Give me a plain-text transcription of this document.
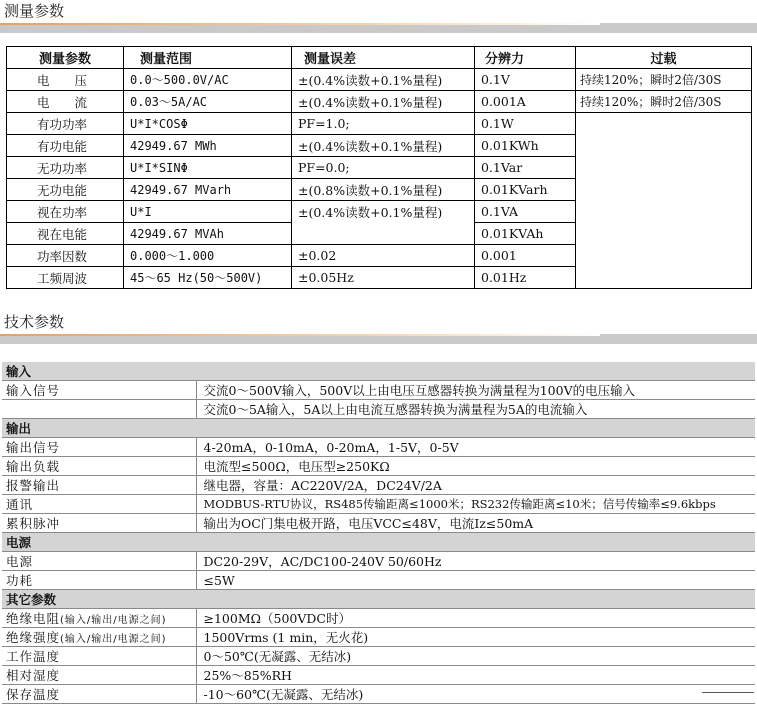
测量参数
测量参数	测量范围	测量误差	分辨力	过载
电　　压	0.0～500.0V/AC	±(0.4%读数+0.1%量程)	0.1V	持续120%；瞬时2倍/30S
电　　流	0.03～5A/AC	±(0.4%读数+0.1%量程)	0.001A	持续120%；瞬时2倍/30S
有功功率	U*I*COSΦ	PF=1.0;	0.1W	
有功电能	42949.67 MWh	±(0.4%读数+0.1%量程)	0.01KWh	
无功功率	U*I*SINΦ	PF=0.0;	0.1Var	
无功电能	42949.67 MVarh	±(0.8%读数+0.1%量程)	0.01KVarh	
视在功率	U*I	±(0.4%读数+0.1%量程)	0.1VA	
视在电能	42949.67 MVAh		0.01KVAh	
功率因数	0.000～1.000	±0.02	0.001	
工频周波	45～65 Hz(50～500V)	±0.05Hz	0.01Hz	
技术参数
输入	
输入信号	交流0～500V输入，500V以上由电压互感器转换为满量程为100V的电压输入
	交流0～5A输入，5A以上由电流互感器转换为满量程为5A的电流输入
输出	
输出信号	4-20mA，0-10mA，0-20mA，1-5V，0-5V
输出负载	电流型≤500Ω，电压型≥250KΩ
报警输出	继电器，容量：AC220V/2A，DC24V/2A
通讯	MODBUS-RTU协议，RS485传输距离≤1000米；RS232传输距离≤10米；信号传输率≤9.6kbps
累积脉冲	输出为OC门集电极开路，电压VCC≤48V，电流Iz≤50mA
电源	
电源	DC20-29V，AC/DC100-240V 50/60Hz
功耗	≤5W
其它参数	
绝缘电阻(输入/输出/电源之间)	≥100MΩ（500VDC时）
绝缘强度(输入/输出/电源之间)	1500Vrms (1 min，无火花)
工作温度	0～50℃(无凝露、无结冰)
相对湿度	25%～85%RH
保存温度	-10～60℃(无凝露、无结冰)
